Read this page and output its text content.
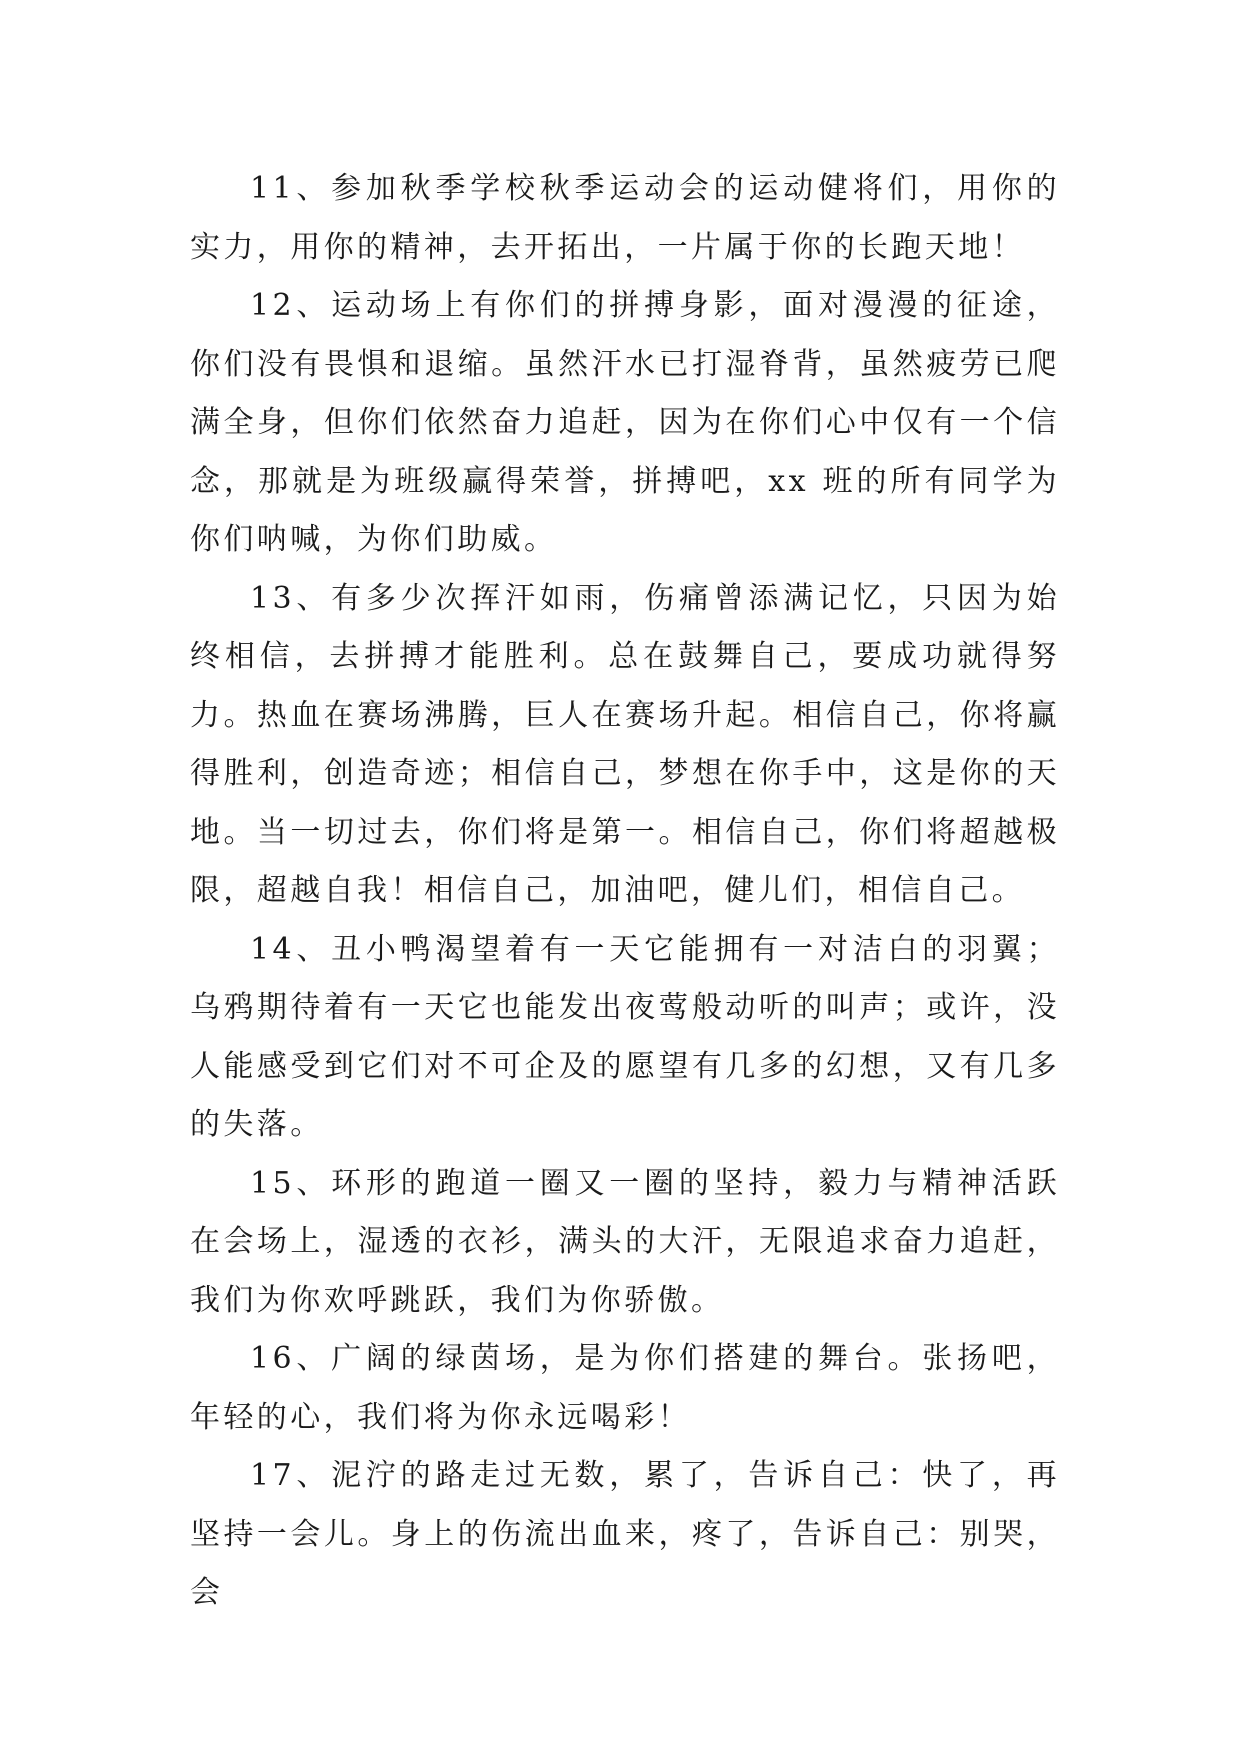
11、参加秋季学校秋季运动会的运动健将们，用你的实力，用你的精神，去开拓出，一片属于你的长跑天地！

12、运动场上有你们的拼搏身影，面对漫漫的征途，你们没有畏惧和退缩。虽然汗水已打湿脊背，虽然疲劳已爬满全身，但你们依然奋力追赶，因为在你们心中仅有一个信念，那就是为班级赢得荣誉，拼搏吧，xx 班的所有同学为你们呐喊，为你们助威。

13、有多少次挥汗如雨，伤痛曾添满记忆，只因为始终相信，去拼搏才能胜利。总在鼓舞自己，要成功就得努力。热血在赛场沸腾，巨人在赛场升起。相信自己，你将赢得胜利，创造奇迹；相信自己，梦想在你手中，这是你的天地。当一切过去，你们将是第一。相信自己，你们将超越极限，超越自我！相信自己，加油吧，健儿们，相信自己。

14、丑小鸭渴望着有一天它能拥有一对洁白的羽翼；乌鸦期待着有一天它也能发出夜莺般动听的叫声；或许，没人能感受到它们对不可企及的愿望有几多的幻想，又有几多的失落。

15、环形的跑道一圈又一圈的坚持，毅力与精神活跃在会场上，湿透的衣衫，满头的大汗，无限追求奋力追赶，我们为你欢呼跳跃，我们为你骄傲。

16、广阔的绿茵场，是为你们搭建的舞台。张扬吧，年轻的心，我们将为你永远喝彩！

17、泥泞的路走过无数，累了，告诉自己：快了，再坚持一会儿。身上的伤流出血来，疼了，告诉自己：别哭，会
